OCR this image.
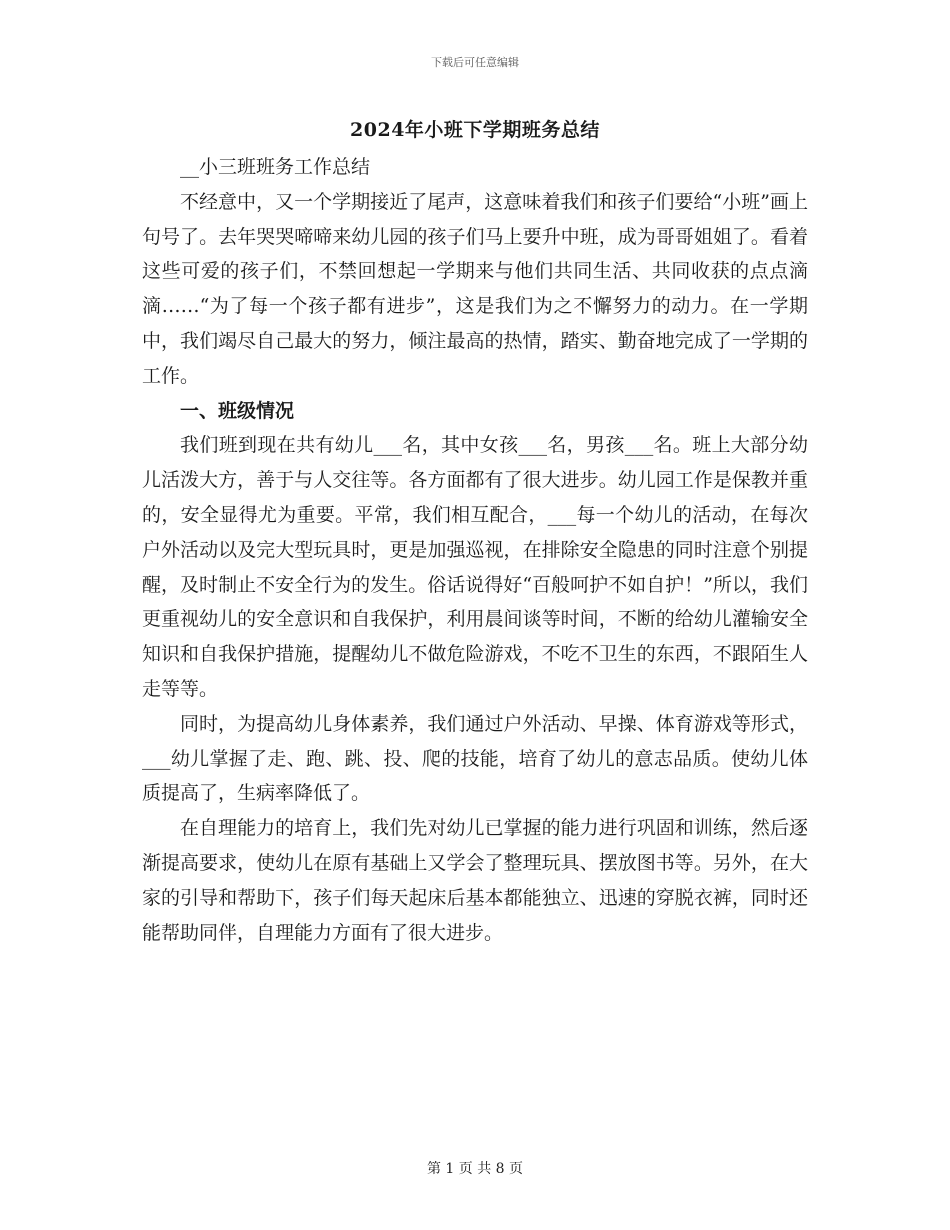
下载后可任意编辑
2024年小班下学期班务总结

__小三班班务工作总结

不经意中，又一个学期接近了尾声，这意味着我们和孩子们要给“小班”画上句号了。去年哭哭啼啼来幼儿园的孩子们马上要升中班，成为哥哥姐姐了。看着这些可爱的孩子们，不禁回想起一学期来与他们共同生活、共同收获的点点滴滴……“为了每一个孩子都有进步”，这是我们为之不懈努力的动力。在一学期中，我们竭尽自己最大的努力，倾注最高的热情，踏实、勤奋地完成了一学期的工作。

一、班级情况

我们班到现在共有幼儿___名，其中女孩___名，男孩___名。班上大部分幼儿活泼大方，善于与人交往等。各方面都有了很大进步。幼儿园工作是保教并重的，安全显得尤为重要。平常，我们相互配合，___每一个幼儿的活动，在每次户外活动以及完大型玩具时，更是加强巡视，在排除安全隐患的同时注意个别提醒，及时制止不安全行为的发生。俗话说得好“百般呵护不如自护！”所以，我们更重视幼儿的安全意识和自我保护，利用晨间谈等时间，不断的给幼儿灌输安全知识和自我保护措施，提醒幼儿不做危险游戏，不吃不卫生的东西，不跟陌生人走等等。

同时，为提高幼儿身体素养，我们通过户外活动、早操、体育游戏等形式，___幼儿掌握了走、跑、跳、投、爬的技能，培育了幼儿的意志品质。使幼儿体质提高了，生病率降低了。

在自理能力的培育上，我们先对幼儿已掌握的能力进行巩固和训练，然后逐渐提高要求，使幼儿在原有基础上又学会了整理玩具、摆放图书等。另外，在大家的引导和帮助下，孩子们每天起床后基本都能独立、迅速的穿脱衣裤，同时还能帮助同伴，自理能力方面有了很大进步。

第 1 页 共 8 页
